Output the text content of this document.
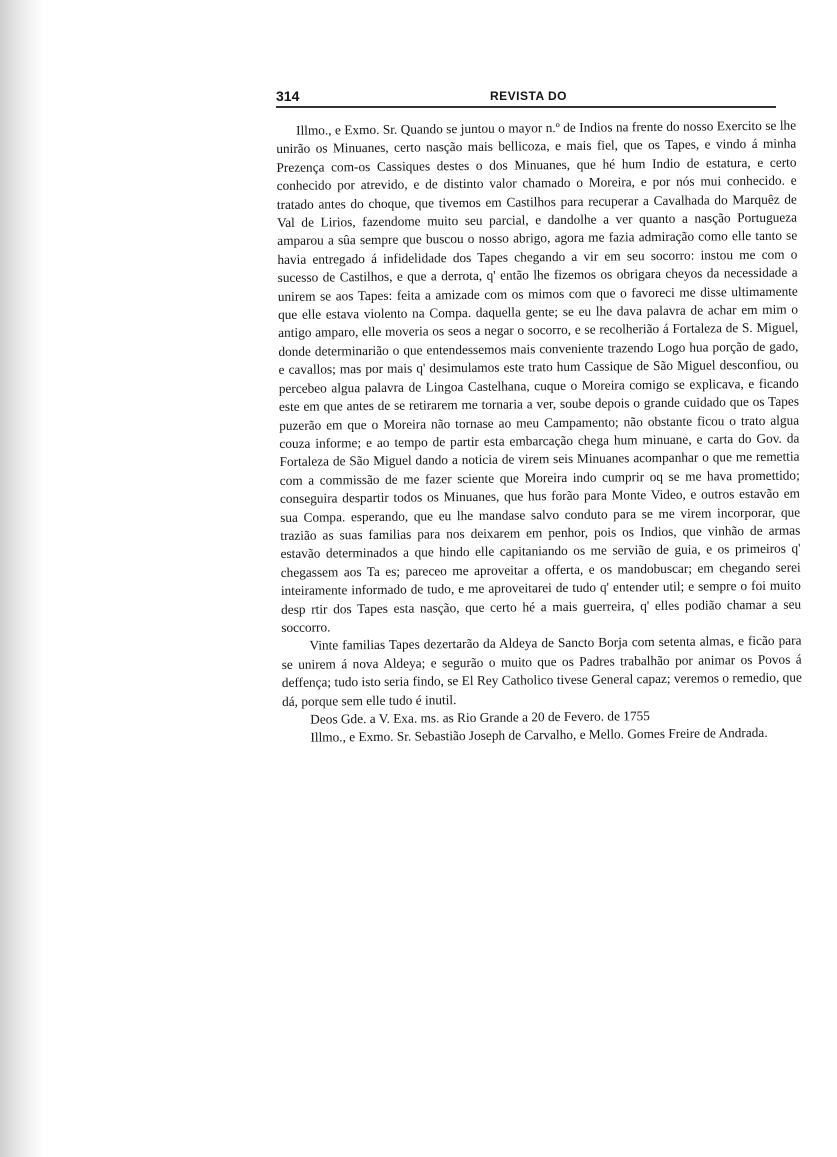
314	REVISTA DO

Illmo., e Exmo. Sr. Quando se juntou o mayor n.º de Indios na frente do nosso Exercito se lhe unirão os Minuanes, certo nasção mais bellicoza, e mais fiel, que os Tapes, e vindo á minha Prezença com-os Cassiques destes o dos Minuanes, que hé hum Indio de estatura, e certo conhecido por atrevido, e de distinto valor chamado o Moreira, e por nós mui conhecido. e tratado antes do choque, que tivemos em Castilhos para recuperar a Cavalhada do Marquêz de Val de Lirios, fazendome muito seu parcial, e dandolhe a ver quanto a nasção Portugueza amparou a sûa sempre que buscou o nosso abrigo, agora me fazia admiração como elle tanto se havia entregado á infidelidade dos Tapes chegando a vir em seu socorro: instou me com o sucesso de Castilhos, e que a derrota, q' então lhe fizemos os obrigara cheyos da necessidade a unirem se aos Tapes: feita a amizade com os mimos com que o favoreci me disse ultimamente que elle estava violento na Compa. daquella gente; se eu lhe dava palavra de achar em mim o antigo amparo, elle moveria os seos a negar o socorro, e se recolherião á Fortaleza de S. Miguel, donde determinarião o que entendessemos mais conveniente trazendo Logo hua porção de gado, e cavallos; mas por mais q' desimulamos este trato hum Cassique de São Miguel desconfiou, ou percebeo algua palavra de Lingoa Castelhana, cuque o Moreira comigo se explicava, e ficando este em que antes de se retirarem me tornaria a ver, soube depois o grande cuidado que os Tapes puzerão em que o Moreira não tornase ao meu Campamento; não obstante ficou o trato algua couza informe; e ao tempo de partir esta embarcação chega hum minuane, e carta do Gov. da Fortaleza de São Miguel dando a noticia de virem seis Minuanes acompanhar o que me remettia com a commissão de me fazer sciente que Moreira indo cumprir oq se me hava promettido; conseguira despartir todos os Minuanes, que hus forão para Monte Video, e outros estavão em sua Compa. esperando, que eu lhe mandase salvo conduto para se me virem incorporar, que trazião as suas familias para nos deixarem em penhor, pois os Indios, que vinhão de armas estavão determinados a que hindo elle capitaniando os me servião de guia, e os primeiros q' chegassem aos Ta es; pareceo me aproveitar a offerta, e os mandobuscar; em chegando serei inteiramente informado de tudo, e me aproveitarei de tudo q' entender util; e sempre o foi muito desp rtir dos Tapes esta nasção, que certo hé a mais guerreira, q' elles podião chamar a seu soccorro.

Vinte familias Tapes dezertarão da Aldeya de Sancto Borja com setenta almas, e ficão para se unirem á nova Aldeya; e segurão o muito que os Padres trabalhão por animar os Povos á deffença; tudo isto seria findo, se El Rey Catholico tivese General capaz; veremos o remedio, que dá, porque sem elle tudo é inutil.

Deos Gde. a V. Exa. ms. as Rio Grande a 20 de Fevero. de 1755

Illmo., e Exmo. Sr. Sebastião Joseph de Carvalho, e Mello. Gomes Freire de Andrada.
